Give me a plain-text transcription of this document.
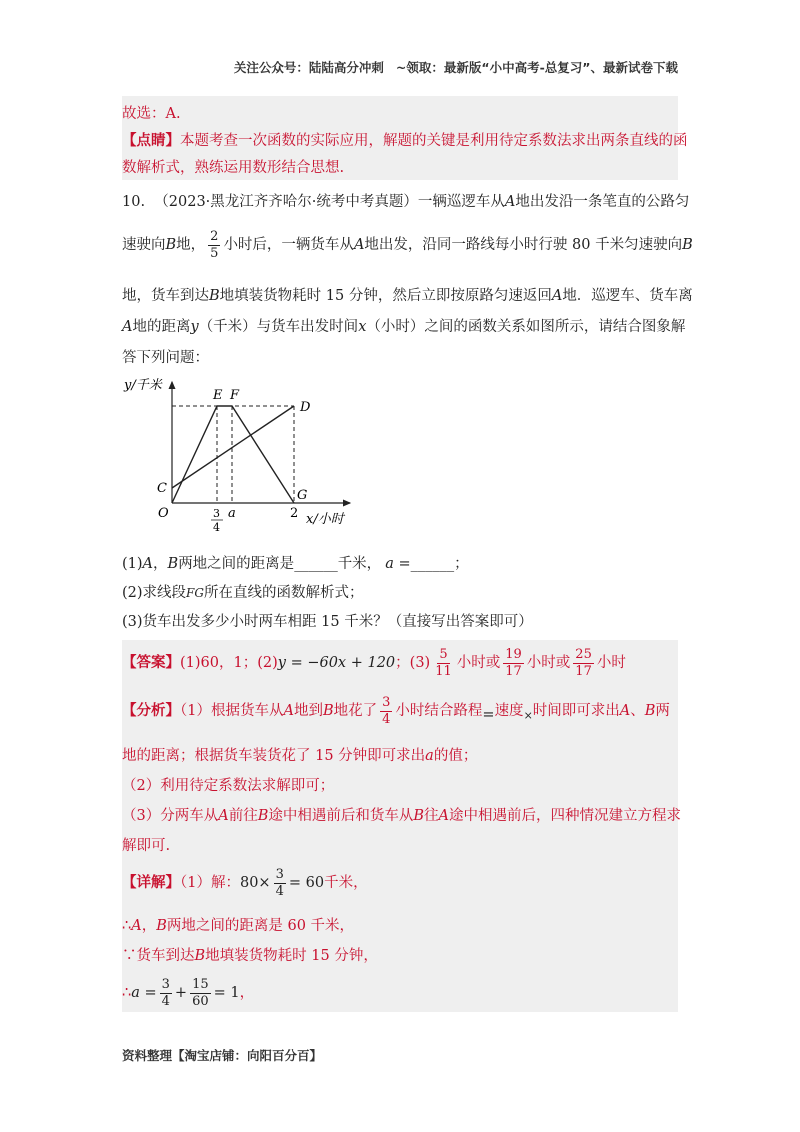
关注公众号：陆陆高分冲刺 ~领取：最新版“小中高考-总复习”、最新试卷下载
故选：A.
【点睛】本题考查一次函数的实际应用，解题的关键是利用待定系数法求出两条直线的函
数解析式，熟练运用数形结合思想.
10. （2023·黑龙江齐齐哈尔·统考中考真题）一辆巡逻车从A地出发沿一条笔直的公路匀
速驶向B地， $\frac{2}{5}$ 小时后，一辆货车从A地出发，沿同一路线每小时行驶 80 千米匀速驶向B
地，货车到达B地填装货物耗时 15 分钟，然后立即按原路匀速返回A地．巡逻车、货车离
A地的距离y（千米）与货车出发时间x（小时）之间的函数关系如图所示，请结合图象解
答下列问题：
y/千米
x/小时
O
E F
D
C	G
3
4
a	2
(1)A，B两地之间的距离是______千米， a =______；
(2)求线段FG所在直线的函数解析式；
(3)货车出发多少小时两车相距 15 千米？（直接写出答案即可）
【答案】(1)60，1；(2)y = −60x + 120；$(3) \frac{5}{11}$ 小时或 $\frac{19}{17}$ 小时或 $\frac{25}{17}$ 小时
【分析】（1）根据货车从A地到B地花了 $\frac{3}{4}$ 小时结合路程=速度$_\times$时间即可求出A、B两
地的距离；根据货车装货花了 15 分钟即可求出a的值；
（2）利用待定系数法求解即可；
（3）分两车从A前往B途中相遇前后和货车从B往A途中相遇前后，四种情况建立方程求
解即可.
【详解】（1）解：$80\times \frac{3}{4} = 60$千米，
∴A，B两地之间的距离是 60 千米，
∵货车到达B地填装货物耗时 15 分钟，
∴a = $\frac{3}{4} + \frac{15}{60} = 1$，
资料整理【淘宝店铺：向阳百分百】
